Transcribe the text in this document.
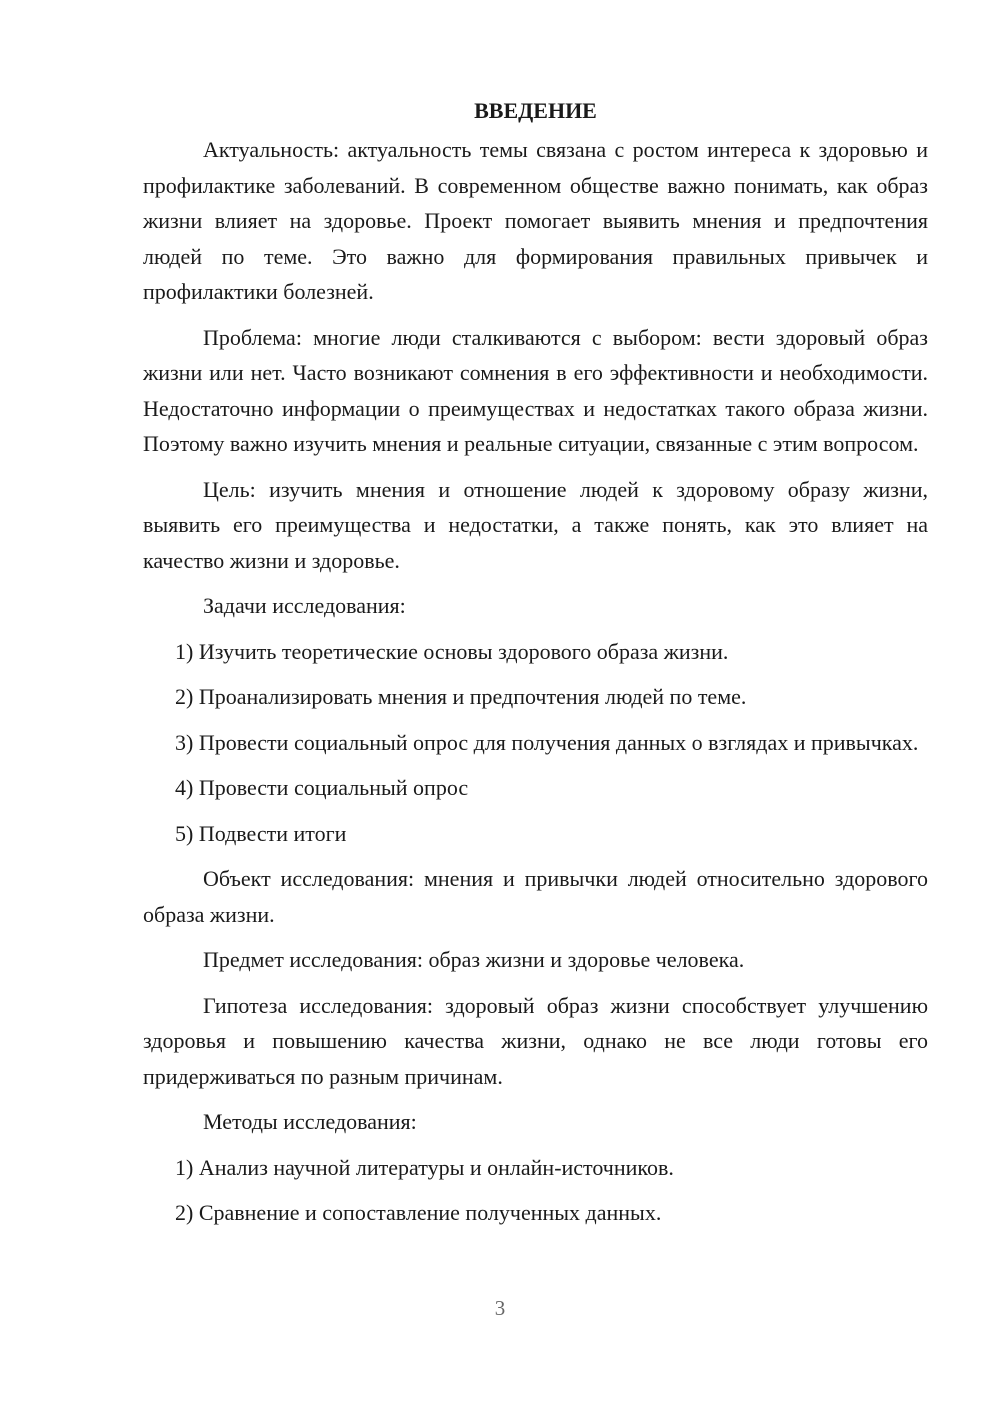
ВВЕДЕНИЕ

Актуальность: актуальность темы связана с ростом интереса к здоровью и профилактике заболеваний. В современном обществе важно понимать, как образ жизни влияет на здоровье. Проект помогает выявить мнения и предпочтения людей по теме. Это важно для формирования правильных привычек и профилактики болезней.

Проблема: многие люди сталкиваются с выбором: вести здоровый образ жизни или нет. Часто возникают сомнения в его эффективности и необходимости. Недостаточно информации о преимуществах и недостатках такого образа жизни. Поэтому важно изучить мнения и реальные ситуации, связанные с этим вопросом.

Цель: изучить мнения и отношение людей к здоровому образу жизни, выявить его преимущества и недостатки, а также понять, как это влияет на качество жизни и здоровье.

Задачи исследования:

1) Изучить теоретические основы здорового образа жизни.

2) Проанализировать мнения и предпочтения людей по теме.

3) Провести социальный опрос для получения данных о взглядах и привычках.

4) Провести социальный опрос

5) Подвести итоги

Объект исследования: мнения и привычки людей относительно здорового образа жизни.

Предмет исследования: образ жизни и здоровье человека.

Гипотеза исследования: здоровый образ жизни способствует улучшению здоровья и повышению качества жизни, однако не все люди готовы его придерживаться по разным причинам.

Методы исследования:

1) Анализ научной литературы и онлайн-источников.

2) Сравнение и сопоставление полученных данных.

3
